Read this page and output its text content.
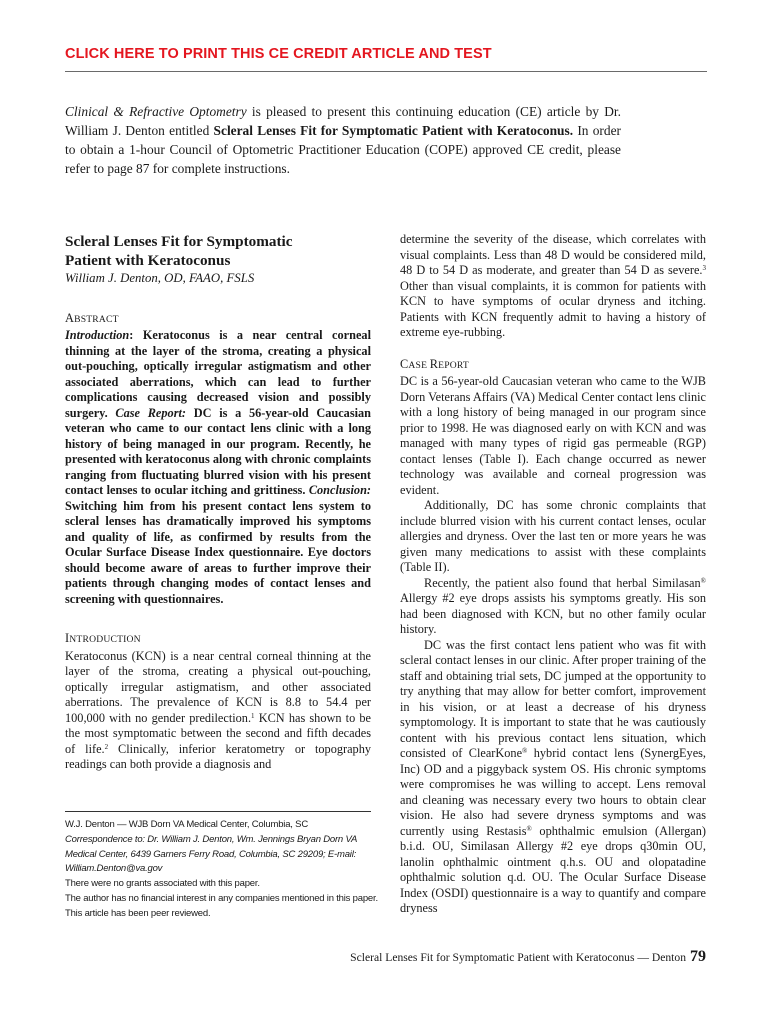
CLICK HERE TO PRINT THIS CE CREDIT ARTICLE AND TEST

Clinical & Refractive Optometry is pleased to present this continuing education (CE) article by Dr. William J. Denton entitled Scleral Lenses Fit for Symptomatic Patient with Keratoconus. In order to obtain a 1-hour Council of Optometric Practitioner Education (COPE) approved CE credit, please refer to page 87 for complete instructions.

Scleral Lenses Fit for Symptomatic
Patient with Keratoconus
William J. Denton, OD, FAAO, FSLS
ABSTRACT

Introduction: Keratoconus is a near central corneal thinning at the layer of the stroma, creating a physical out-pouching, optically irregular astigmatism and other associated aberrations, which can lead to further complications causing decreased vision and possibly surgery. Case Report: DC is a 56-year-old Caucasian veteran who came to our contact lens clinic with a long history of being managed in our program. Recently, he presented with keratoconus along with chronic complaints ranging from fluctuating blurred vision with his present contact lenses to ocular itching and grittiness. Conclusion: Switching him from his present contact lens system to scleral lenses has dramatically improved his symptoms and quality of life, as confirmed by results from the Ocular Surface Disease Index questionnaire. Eye doctors should become aware of areas to further improve their patients through changing modes of contact lenses and screening with questionnaires.

INTRODUCTION

Keratoconus (KCN) is a near central corneal thinning at the layer of the stroma, creating a physical out-pouching, optically irregular astigmatism, and other associated aberrations. The prevalence of KCN is 8.8 to 54.4 per 100,000 with no gender predilection.$^1$ KCN has shown to be the most symptomatic between the second and fifth decades of life.$^2$ Clinically, inferior keratometry or topography readings can both provide a diagnosis and

W.J. Denton — WJB Dorn VA Medical Center, Columbia, SC
Correspondence to: Dr. William J. Denton, Wm. Jennings Bryan Dorn VA Medical Center, 6439 Garners Ferry Road, Columbia, SC 29209; E-mail: William.Denton@va.gov
There were no grants associated with this paper.
The author has no financial interest in any companies mentioned in this paper.
This article has been peer reviewed.

determine the severity of the disease, which correlates with visual complaints. Less than 48 D would be considered mild, 48 D to 54 D as moderate, and greater than 54 D as severe.$^3$ Other than visual complaints, it is common for patients with KCN to have symptoms of ocular dryness and itching. Patients with KCN frequently admit to having a history of extreme eye-rubbing.

CASE REPORT

DC is a 56-year-old Caucasian veteran who came to the WJB Dorn Veterans Affairs (VA) Medical Center contact lens clinic with a long history of being managed in our program since prior to 1998. He was diagnosed early on with KCN and was managed with many types of rigid gas permeable (RGP) contact lenses (Table I). Each change occurred as newer technology was available and corneal progression was evident.

Additionally, DC has some chronic complaints that include blurred vision with his current contact lenses, ocular allergies and dryness. Over the last ten or more years he was given many medications to assist with these complaints (Table II).

Recently, the patient also found that herbal Similasan® Allergy #2 eye drops assists his symptoms greatly. His son had been diagnosed with KCN, but no other family ocular history.

DC was the first contact lens patient who was fit with scleral contact lenses in our clinic. After proper training of the staff and obtaining trial sets, DC jumped at the opportunity to try anything that may allow for better comfort, improvement in his vision, or at least a decrease of his dryness symptomology. It is important to state that he was cautiously content with his previous contact lens situation, which consisted of ClearKone® hybrid contact lens (SynergEyes, Inc) OD and a piggyback system OS. His chronic symptoms were compromises he was willing to accept. Lens removal and cleaning was necessary every two hours to obtain clear vision. He also had severe dryness symptoms and was currently using Restasis® ophthalmic emulsion (Allergan) b.i.d. OU, Similasan Allergy #2 eye drops q30min OU, lanolin ophthalmic ointment q.h.s. OU and olopatadine ophthalmic solution q.d. OU. The Ocular Surface Disease Index (OSDI) questionnaire is a way to quantify and compare dryness

Scleral Lenses Fit for Symptomatic Patient with Keratoconus — Denton 79
